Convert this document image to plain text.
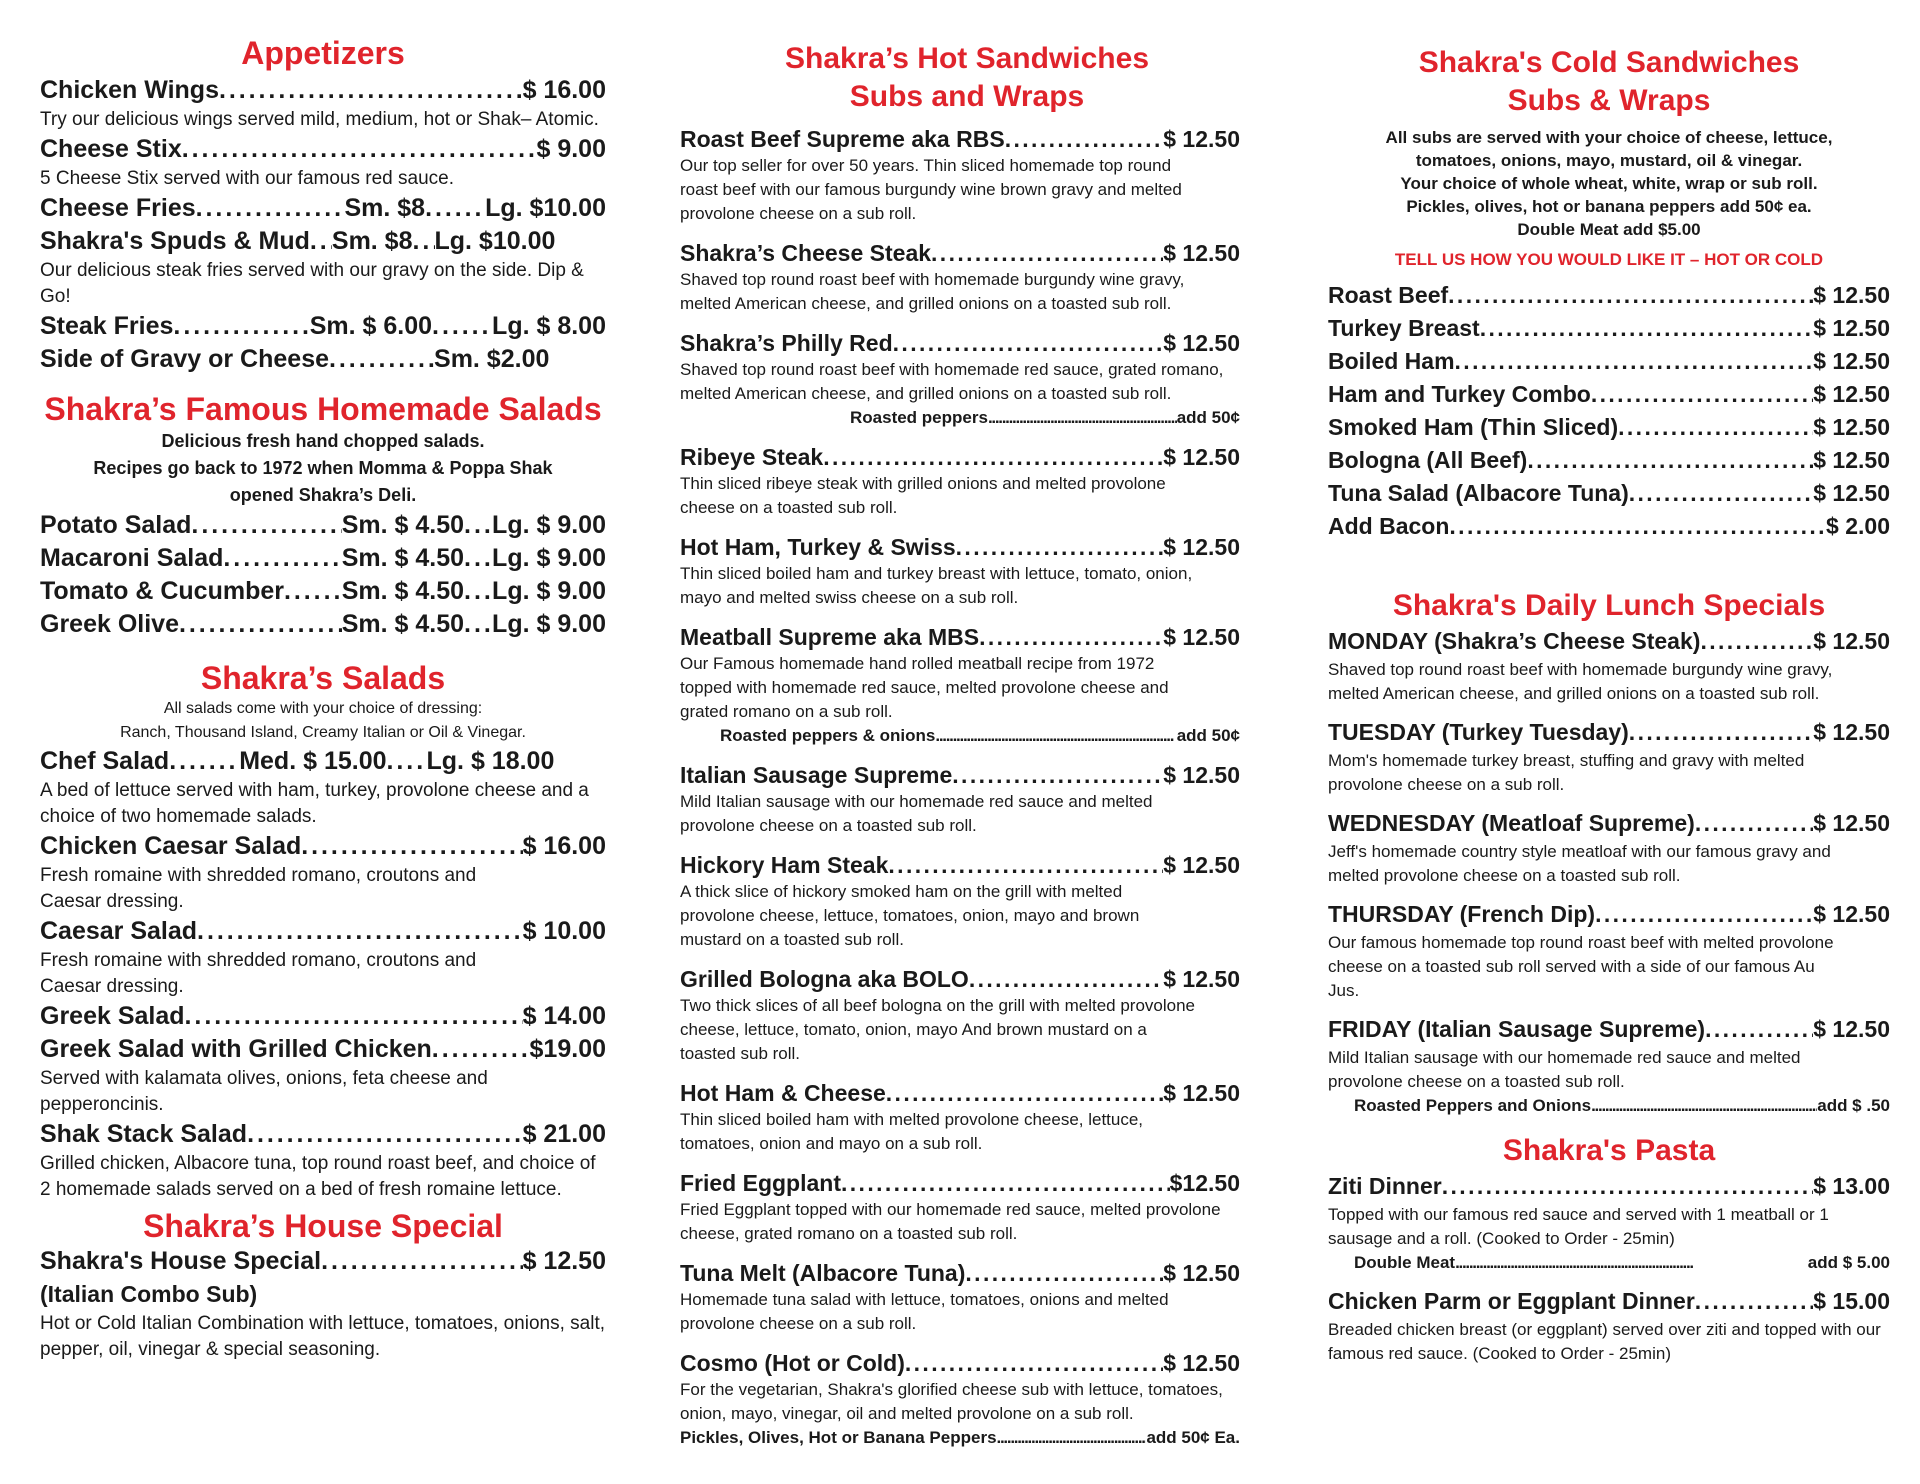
Appetizers
Chicken Wings . . .	$ 16.00

Try our delicious wings served mild, medium, hot or Shak– Atomic.

Cheese Stix . . .	$ 9.00

5 Cheese Stix served with our famous red sauce.

Cheese Fries . . .	Sm. $8 . . . Lg. $10.00
Shakra's Spuds & Mud . . . Sm. $8 . . . Lg. $10.00

Our delicious steak fries served with our gravy on the side. Dip & Go!

Steak Fries . . .	Sm. $ 6.00 . . . Lg. $ 8.00
Side of Gravy or Cheese . . .	Sm. $2.00
Shakra’s Famous Homemade Salads
Delicious fresh hand chopped salads.
Recipes go back to 1972 when Momma & Poppa Shak
opened Shakra’s Deli.
Potato Salad . . .	Sm. $ 4.50 . . . Lg. $ 9.00
Macaroni Salad . . .	Sm. $ 4.50 . . . Lg. $ 9.00
Tomato & Cucumber . . . Sm. $ 4.50 . . . Lg. $ 9.00
Greek Olive . . .	Sm. $ 4.50 . . . Lg. $ 9.00
Shakra’s Salads
All salads come with your choice of dressing:
Ranch, Thousand Island, Creamy Italian or Oil & Vinegar.
Chef Salad . . .	Med. $ 15.00 . . . Lg. $ 18.00

A bed of lettuce served with ham, turkey, provolone cheese and a choice of two homemade salads.

Chicken Caesar Salad . . .	$ 16.00

Fresh romaine with shredded romano, croutons and Caesar dressing.

Caesar Salad . . .	$ 10.00

Fresh romaine with shredded romano, croutons and Caesar dressing.

Greek Salad . . .	$ 14.00
Greek Salad with Grilled Chicken . . .	$19.00

Served with kalamata olives, onions, feta cheese and pepperoncinis.

Shak Stack Salad . . .	$ 21.00

Grilled chicken, Albacore tuna, top round roast beef, and choice of 2 homemade salads served on a bed of fresh romaine lettuce.

Shakra’s House Special
Shakra's House Special . . .	$ 12.50
(Italian Combo Sub)

Hot or Cold Italian Combination with lettuce, tomatoes, onions, salt, pepper, oil, vinegar & special seasoning.

Shakra’s Hot Sandwiches
Subs and Wraps
Roast Beef Supreme aka RBS . . .	$ 12.50

Our top seller for over 50 years. Thin sliced homemade top round roast beef with our famous burgundy wine brown gravy and melted provolone cheese on a sub roll.

Shakra’s Cheese Steak . . .	$ 12.50

Shaved top round roast beef with homemade burgundy wine gravy, melted American cheese, and grilled onions on a toasted sub roll.

Shakra’s Philly Red . . .	$ 12.50

Shaved top round roast beef with homemade red sauce, grated romano, melted American cheese, and grilled onions on a toasted sub roll.

Roasted peppers . . .	add 50¢
Ribeye Steak . . .	$ 12.50

Thin sliced ribeye steak with grilled onions and melted provolone cheese on a toasted sub roll.

Hot Ham, Turkey & Swiss . . .	$ 12.50

Thin sliced boiled ham and turkey breast with lettuce, tomato, onion, mayo and melted swiss cheese on a sub roll.

Meatball Supreme aka MBS . . .	$ 12.50

Our Famous homemade hand rolled meatball recipe from 1972 topped with homemade red sauce, melted provolone cheese and grated romano on a sub roll.

Roasted peppers & onions . . .	add 50¢
Italian Sausage Supreme . . .	$ 12.50

Mild Italian sausage with our homemade red sauce and melted provolone cheese on a toasted sub roll.

Hickory Ham Steak . . .	$ 12.50

A thick slice of hickory smoked ham on the grill with melted provolone cheese, lettuce, tomatoes, onion, mayo and brown mustard on a toasted sub roll.

Grilled Bologna aka BOLO . . .	$ 12.50

Two thick slices of all beef bologna on the grill with melted provolone cheese, lettuce, tomato, onion, mayo And brown mustard on a toasted sub roll.

Hot Ham & Cheese . . .	$ 12.50

Thin sliced boiled ham with melted provolone cheese, lettuce, tomatoes, onion and mayo on a sub roll.

Fried Eggplant . . .	$12.50

Fried Eggplant topped with our homemade red sauce, melted provolone cheese, grated romano on a toasted sub roll.

Tuna Melt (Albacore Tuna) . . .	$ 12.50

Homemade tuna salad with lettuce, tomatoes, onions and melted provolone cheese on a sub roll.

Cosmo (Hot or Cold) . . .	$ 12.50

For the vegetarian, Shakra's glorified cheese sub with lettuce, tomatoes, onion, mayo, vinegar, oil and melted provolone on a sub roll.

Pickles, Olives, Hot or Banana Peppers . . .	add 50¢ Ea.
Shakra's Cold Sandwiches
Subs & Wraps
All subs are served with your choice of cheese, lettuce,
tomatoes, onions, mayo, mustard, oil & vinegar.
Your choice of whole wheat, white, wrap or sub roll.
Pickles, olives, hot or banana peppers add 50¢ ea.
Double Meat add $5.00
TELL US HOW YOU WOULD LIKE IT – HOT OR COLD
Roast Beef . . .	$ 12.50
Turkey Breast . . .	$ 12.50
Boiled Ham . . .	$ 12.50
Ham and Turkey Combo . . .	$ 12.50
Smoked Ham (Thin Sliced) . . .	$ 12.50
Bologna (All Beef) . . .	$ 12.50
Tuna Salad (Albacore Tuna) . . .	$ 12.50
Add Bacon . . .	$ 2.00
Shakra's Daily Lunch Specials
MONDAY (Shakra’s Cheese Steak) . . .	$ 12.50

Shaved top round roast beef with homemade burgundy wine gravy, melted American cheese, and grilled onions on a toasted sub roll.

TUESDAY (Turkey Tuesday) . . .	$ 12.50

Mom's homemade turkey breast, stuffing and gravy with melted provolone cheese on a sub roll.

WEDNESDAY (Meatloaf Supreme) . . .	$ 12.50

Jeff's homemade country style meatloaf with our famous gravy and melted provolone cheese on a toasted sub roll.

THURSDAY (French Dip) . . .	$ 12.50

Our famous homemade top round roast beef with melted provolone cheese on a toasted sub roll served with a side of our famous Au Jus.

FRIDAY (Italian Sausage Supreme) . . .	$ 12.50

Mild Italian sausage with our homemade red sauce and melted provolone cheese on a toasted sub roll.

Roasted Peppers and Onions . . .	add $ .50
Shakra's Pasta
Ziti Dinner . . .	$ 13.00

Topped with our famous red sauce and served with 1 meatball or 1 sausage and a roll. (Cooked to Order - 25min)

Double Meat . . .	add $ 5.00
Chicken Parm or Eggplant Dinner . . .	$ 15.00

Breaded chicken breast (or eggplant) served over ziti and topped with our famous red sauce. (Cooked to Order - 25min)
